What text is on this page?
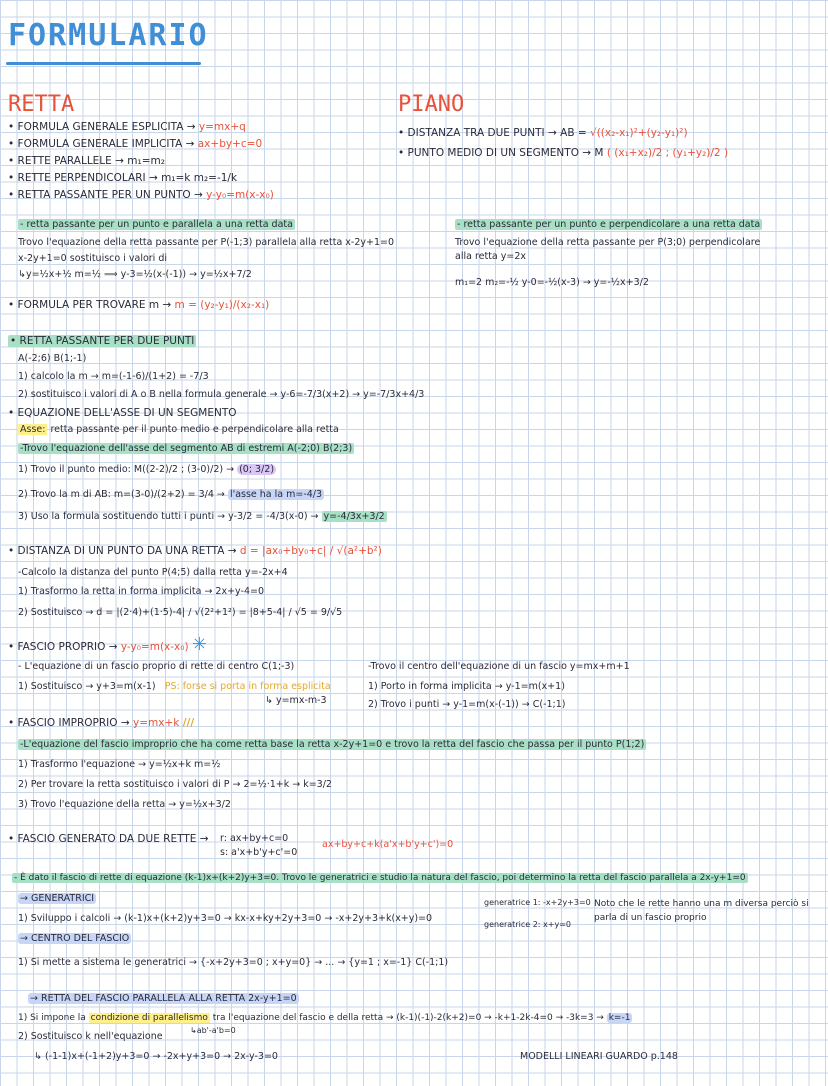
FORMULARIO
RETTA
• FORMULA GENERALE ESPLICITA → y=mx+q
• FORMULA GENERALE IMPLICITA → ax+by+c=0
• RETTE PARALLELE → m₁=m₂
• RETTE PERPENDICOLARI → m₁=k m₂=-1/k
• RETTA PASSANTE PER UN PUNTO → y-y₀=m(x-x₀)
- retta passante per un punto e parallela a una retta data
Trovo l'equazione della retta passante per P(-1;3) parallela alla retta x-2y+1=0
x-2y+1=0 sostituisco i valori di
↳y=½x+½ m=½ ⟹ y-3=½(x-(-1)) → y=½x+7/2
• FORMULA PER TROVARE m → m = (y₂-y₁)/(x₂-x₁)
PIANO
• DISTANZA TRA DUE PUNTI → AB = √((x₂-x₁)²+(y₂-y₁)²)
• PUNTO MEDIO DI UN SEGMENTO → M ( (x₁+x₂)/2 ; (y₁+y₂)/2 )
- retta passante per un punto e perpendicolare a una retta data
Trovo l'equazione della retta passante per P(3;0) perpendicolare
alla retta y=2x
m₁=2 m₂=-½ y-0=-½(x-3) → y=-½x+3/2
• RETTA PASSANTE PER DUE PUNTI
A(-2;6) B(1;-1)
1) calcolo la m → m=(-1-6)/(1+2) = -7/3
2) sostituisco i valori di A o B nella formula generale → y-6=-7/3(x+2) → y=-7/3x+4/3
• EQUAZIONE DELL'ASSE DI UN SEGMENTO
Asse: retta passante per il punto medio e perpendicolare alla retta
-Trovo l'equazione dell'asse del segmento AB di estremi A(-2;0) B(2;3)
1) Trovo il punto medio: M((2-2)/2 ; (3-0)/2) → (0; 3/2)
2) Trovo la m di AB: m=(3-0)/(2+2) = 3/4 → l'asse ha la m=-4/3
3) Uso la formula sostituendo tutti i punti → y-3/2 = -4/3(x-0) → y=-4/3x+3/2
• DISTANZA DI UN PUNTO DA UNA RETTA → d = |ax₀+by₀+c| / √(a²+b²)
-Calcolo la distanza del punto P(4;5) dalla retta y=-2x+4
1) Trasformo la retta in forma implicita → 2x+y-4=0
2) Sostituisco → d = |(2·4)+(1·5)-4| / √(2²+1²) = |8+5-4| / √5 = 9/√5
• FASCIO PROPRIO → y-y₀=m(x-x₀) ✳
- L'equazione di un fascio proprio di rette di centro C(1;-3)
1) Sostituisco → y+3=m(x-1) PS: forse si porta in forma esplicita
↳ y=mx-m-3
-Trovo il centro dell'equazione di un fascio y=mx+m+1
1) Porto in forma implicita → y-1=m(x+1)
2) Trovo i punti → y-1=m(x-(-1)) → C(-1;1)
• FASCIO IMPROPRIO → y=mx+k ///
-L'equazione del fascio improprio che ha come retta base la retta x-2y+1=0 e trovo la retta del fascio che passa per il punto P(1;2)
1) Trasformo l'equazione → y=½x+k m=½
2) Per trovare la retta sostituisco i valori di P → 2=½·1+k → k=3/2
3) Trovo l'equazione della retta → y=½x+3/2
• FASCIO GENERATO DA DUE RETTE → r: ax+by+c=0
s: a'x+b'y+c'=0
ax+by+c+k(a'x+b'y+c')=0
- È dato il fascio di rette di equazione (k-1)x+(k+2)y+3=0. Trovo le generatrici e studio la natura del fascio, poi determino la retta del fascio parallela a 2x-y+1=0
→ GENERATRICI
1) Sviluppo i calcoli → (k-1)x+(k+2)y+3=0 → kx-x+ky+2y+3=0 → -x+2y+3+k(x+y)=0
generatrice 1: -x+2y+3=0
generatrice 2: x+y=0
Noto che le rette hanno una m diversa perciò si
parla di un fascio proprio
→ CENTRO DEL FASCIO
1) Si mette a sistema le generatrici → {-x+2y+3=0 ; x+y=0} → ... → {y=1 ; x=-1} C(-1;1)
→ RETTA DEL FASCIO PARALLELA ALLA RETTA 2x-y+1=0
1) Si impone la condizione di parallelismo tra l'equazione del fascio e della retta → (k-1)(-1)-2(k+2)=0 → -k+1-2k-4=0 → -3k=3 → k=-1
↳ab'-a'b=0
2) Sostituisco k nell'equazione
↳ (-1-1)x+(-1+2)y+3=0 → -2x+y+3=0 → 2x-y-3=0	MODELLI LINEARI GUARDO p.148
